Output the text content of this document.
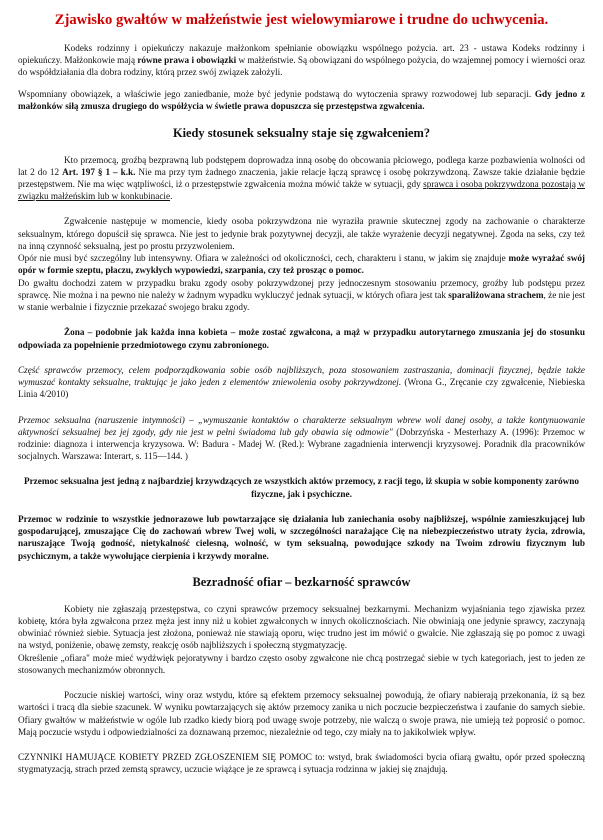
Zjawisko gwałtów w małżeństwie jest wielowymiarowe i trudne do uchwycenia.

Kodeks rodzinny i opiekuńczy nakazuje małżonkom spełnianie obowiązku wspólnego pożycia. art. 23 - ustawa Kodeks rodzinny i opiekuńczy. Małżonkowie mają równe prawa i obowiązki w małżeństwie. Są obowiązani do wspólnego pożycia, do wzajemnej pomocy i wierności oraz do współdziałania dla dobra rodziny, którą przez swój związek założyli.

Wspomniany obowiązek, a właściwie jego zaniedbanie, może być jedynie podstawą do wytoczenia sprawy rozwodowej lub separacji. Gdy jedno z małżonków siłą zmusza drugiego do współżycia w świetle prawa dopuszcza się przestępstwa zgwałcenia.

Kiedy stosunek seksualny staje się zgwałceniem?

Kto przemocą, groźbą bezprawną lub podstępem doprowadza inną osobę do obcowania płciowego, podlega karze pozbawienia wolności od lat 2 do 12 Art. 197 § 1 – k.k. Nie ma przy tym żadnego znaczenia, jakie relacje łączą sprawcę i osobę pokrzywdzoną. Zawsze takie działanie będzie przestępstwem. Nie ma więc wątpliwości, iż o przestępstwie zgwałcenia można mówić także w sytuacji, gdy sprawca i osoba pokrzywdzona pozostają w związku małżeńskim lub w konkubinacie.

Zgwałcenie następuje w momencie, kiedy osoba pokrzywdzona nie wyraziła prawnie skutecznej zgody na zachowanie o charakterze seksualnym, którego dopuścił się sprawca. Nie jest to jedynie brak pozytywnej decyzji, ale także wyrażenie decyzji negatywnej. Zgoda na seks, czy też na inną czynność seksualną, jest po prostu przyzwoleniem.

Opór nie musi być szczególny lub intensywny. Ofiara w zależności od okoliczności, cech, charakteru i stanu, w jakim się znajduje może wyrażać swój opór w formie szeptu, płaczu, zwykłych wypowiedzi, szarpania, czy też prosząc o pomoc.

Do gwałtu dochodzi zatem w przypadku braku zgody osoby pokrzywdzonej przy jednoczesnym stosowaniu przemocy, groźby lub podstępu przez sprawcę. Nie można i na pewno nie należy w żadnym wypadku wykluczyć jednak sytuacji, w których ofiara jest tak sparaliżowana strachem, że nie jest w stanie werbalnie i fizycznie przekazać swojego braku zgody.

Żona – podobnie jak każda inna kobieta – może zostać zgwałcona, a mąż w przypadku autorytarnego zmuszania jej do stosunku odpowiada za popełnienie przedmiotowego czynu zabronionego.

Część sprawców przemocy, celem podporządkowania sobie osób najbliższych, poza stosowaniem zastraszania, dominacji fizycznej, będzie także wymuszać kontakty seksualne, traktując je jako jeden z elementów zniewolenia osoby pokrzywdzonej. (Wrona G., Zręcanie czy zgwałcenie, Niebieska Linia 4/2010)

Przemoc seksualna (naruszenie intymności) – „wymuszanie kontaktów o charakterze seksualnym wbrew woli danej osoby, a także kontynuowanie aktywności seksualnej bez jej zgody, gdy nie jest w pełni świadoma lub gdy obawia się odmowie" (Dobrzyńska - Mesterhazy A. (1996): Przemoc w rodzinie: diagnoza i interwencja kryzysowa. W: Badura - Madej W. (Red.): Wybrane zagadnienia interwencji kryzysowej. Poradnik dla pracowników socjalnych. Warszawa: Interart, s. 115—144. )

Przemoc seksualna jest jedną z najbardziej krzywdzących ze wszystkich aktów przemocy, z racji tego, iż skupia w sobie komponenty zarówno fizyczne, jak i psychiczne.

Przemoc w rodzinie to wszystkie jednorazowe lub powtarzające się działania lub zaniechania osoby najbliższej, wspólnie zamieszkującej lub gospodarującej, zmuszające Cię do zachowań wbrew Twej woli, w szczególności narażające Cię na niebezpieczeństwo utraty życia, zdrowia, naruszające Twoją godność, nietykalność cielesną, wolność, w tym seksualną, powodujące szkody na Twoim zdrowiu fizycznym lub psychicznym, a także wywołujące cierpienia i krzywdy moralne.

Bezradność ofiar – bezkarność sprawców

Kobiety nie zgłaszają przestępstwa, co czyni sprawców przemocy seksualnej bezkarnymi. Mechanizm wyjaśniania tego zjawiska przez kobietę, która była zgwałcona przez męża jest inny niż u kobiet zgwałconych w innych okolicznościach. Nie obwiniają one jedynie sprawcy, zaczynają obwiniać również siebie. Sytuacja jest złożona, ponieważ nie stawiają oporu, więc trudno jest im mówić o gwałcie. Nie zgłaszają się po pomoc z uwagi na wstyd, poniżenie, obawę zemsty, reakcję osób najbliższych i społeczną stygmatyzację.

Określenie „ofiara" może mieć wydźwięk pejoratywny i bardzo często osoby zgwałcone nie chcą postrzegać siebie w tych kategoriach, jest to jeden ze stosowanych mechanizmów obronnych.

Poczucie niskiej wartości, winy oraz wstydu, które są efektem przemocy seksualnej powodują, że ofiary nabierają przekonania, iż są bez wartości i tracą dla siebie szacunek. W wyniku powtarzających się aktów przemocy zanika u nich poczucie bezpieczeństwa i zaufanie do samych siebie. Ofiary gwałtów w małżeństwie w ogóle lub rzadko kiedy biorą pod uwagę swoje potrzeby, nie walczą o swoje prawa, nie umieją też poprosić o pomoc. Mają poczucie wstydu i odpowiedzialności za doznawaną przemoc, niezależnie od tego, czy miały na to jakikolwiek wpływ.

CZYNNIKI HAMUJĄCE KOBIETY PRZED ZGŁOSZENIEM SIĘ POMOC to: wstyd, brak świadomości bycia ofiarą gwałtu, opór przed społeczną stygmatyzacją, strach przed zemstą sprawcy, uczucie wiążące je ze sprawcą i sytuacja rodzinna w jakiej się znajdują.
